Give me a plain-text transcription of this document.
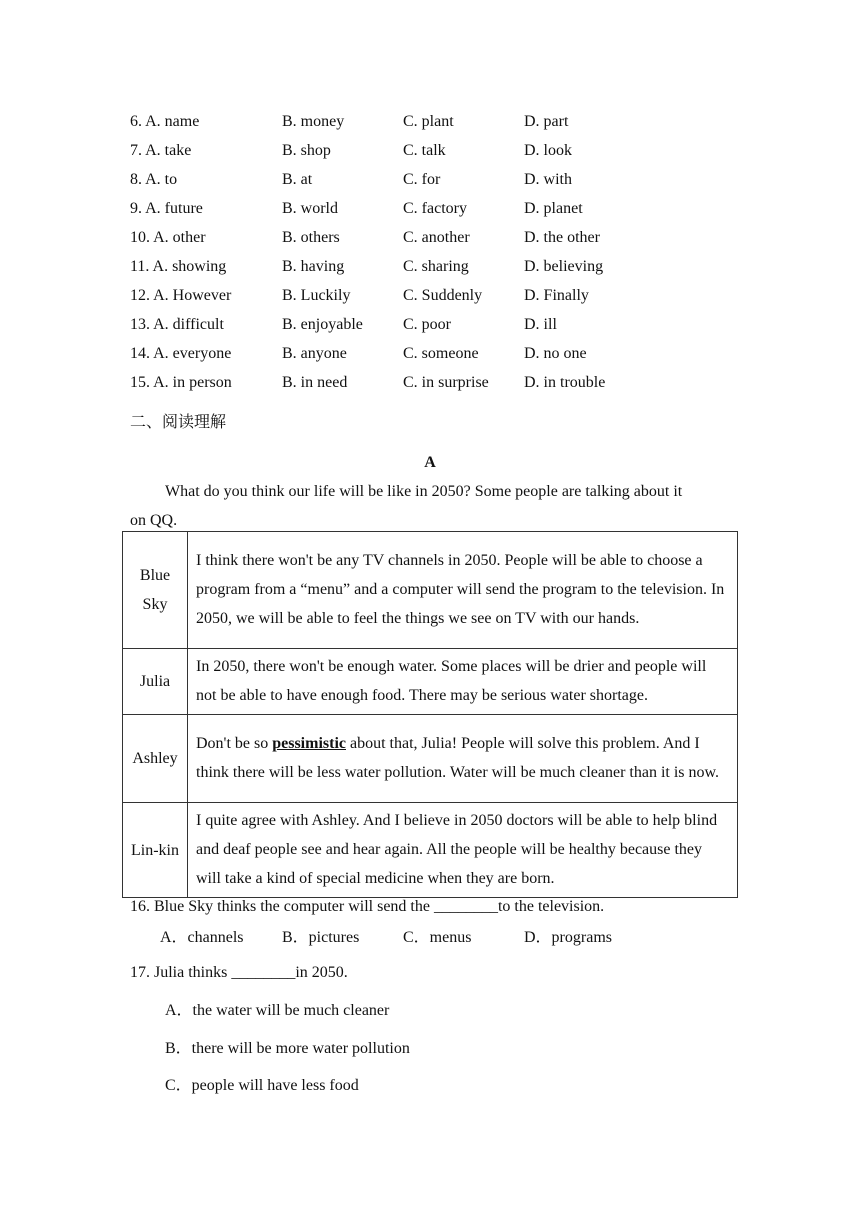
6. A. name	B. money	C. plant	D. part
7. A. take	B. shop	C. talk	D. look
8. A. to	B. at	C. for	D. with
9. A. future	B. world	C. factory	D. planet
10. A. other	B. others	C. another	D. the other
11. A. showing	B. having	C. sharing	D. believing
12. A. However	B. Luckily	C. Suddenly	D. Finally
13. A. difficult	B. enjoyable	C. poor	D. ill
14. A. everyone	B. anyone	C. someone	D. no one
15. A. in person	B. in need	C. in surprise D. in trouble
二、阅读理解
A
What do you think our life will be like in 2050? Some people are talking about it
on QQ.
Blue
Sky	I think there won't be any TV channels in 2050. People will be able to choose a program from a “menu” and a computer will send the program to the television. In 2050, we will be able to feel the things we see on TV with our hands.
Julia	In 2050, there won't be enough water. Some places will be drier and people will not be able to have enough food. There may be serious water shortage.
Ashley	Don't be so pessimistic about that, Julia! People will solve this problem. And I think there will be less water pollution. Water will be much cleaner than it is now.
Lin-kin	I quite agree with Ashley. And I believe in 2050 doctors will be able to help blind and deaf people see and hear again. All the people will be healthy because they will take a kind of special medicine when they are born.
16. Blue Sky thinks the computer will send the ________to the television.
A．channels B．pictures	C．menus	D．programs
17. Julia thinks ________in 2050.
A．the water will be much cleaner
B．there will be more water pollution
C．people will have less food
